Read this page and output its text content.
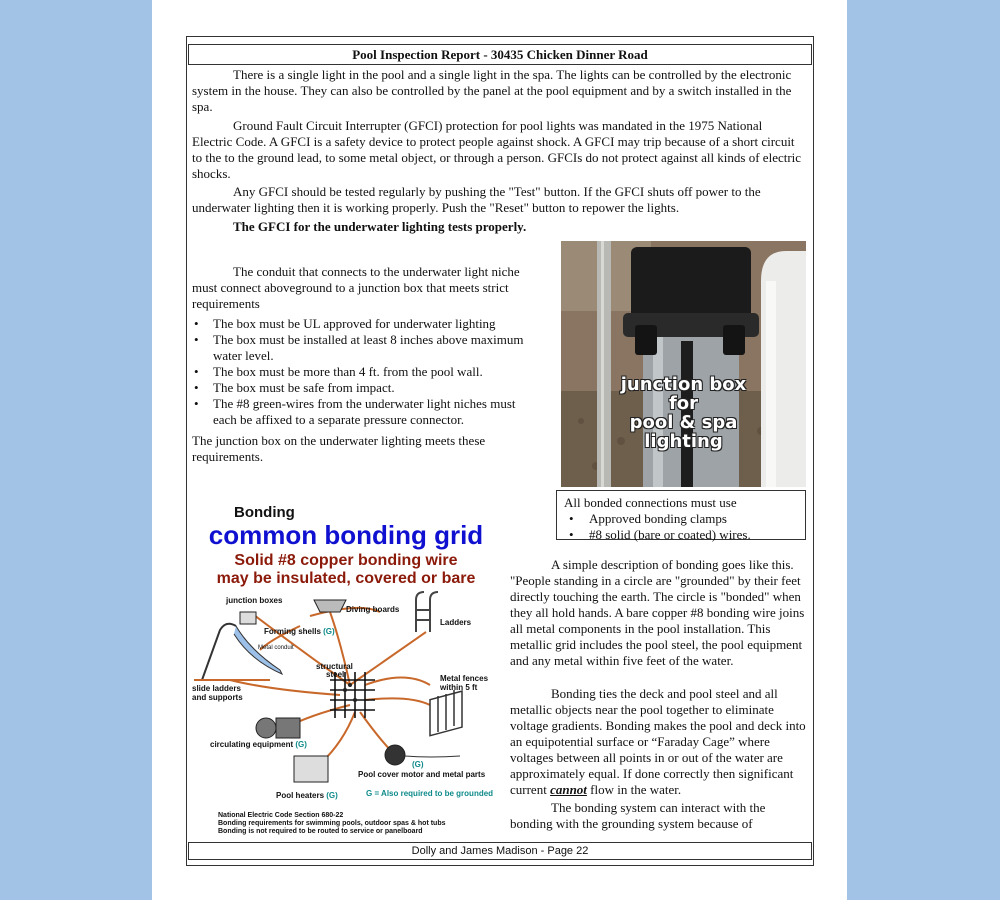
Pool Inspection Report - 30435 Chicken Dinner Road

There is a single light in the pool and a single light in the spa. The lights can be controlled by the electronic system in the house. They can also be controlled by the panel at the pool equipment and by a switch installed in the spa.

Ground Fault Circuit Interrupter (GFCI) protection for pool lights was mandated in the 1975 National Electric Code. A GFCI is a safety device to protect people against shock. A GFCI may trip because of a short circuit to the to the ground lead, to some metal object, or through a person. GFCIs do not protect against all kinds of electric shocks.

Any GFCI should be tested regularly by pushing the "Test" button. If the GFCI shuts off power to the underwater lighting then it is working properly. Push the "Reset" button to repower the lights.

The GFCI for the underwater lighting tests properly.

The conduit that connects to the underwater light niche must connect aboveground to a junction box that meets strict requirements

• The box must be UL approved for underwater lighting
• The box must be installed at least 8 inches above maximum water level.
• The box must be more than 4 ft. from the pool wall.
• The box must be safe from impact.
• The #8 green-wires from the underwater light niches must each be affixed to a separate pressure connector.

The junction box on the underwater lighting meets these requirements.

junction box
for
pool & spa
lighting
All bonded connections must use
• Approved bonding clamps
• #8 solid (bare or coated) wires.

A simple description of bonding goes like this. "People standing in a circle are "grounded" by their feet directly touching the earth. The circle is "bonded" when they all hold hands. A bare copper #8 bonding wire joins all metal components in the pool installation. This metallic grid includes the pool steel, the pool equipment and any metal within five feet of the water.

Bonding ties the deck and pool steel and all metallic objects near the pool together to eliminate voltage gradients. Bonding makes the pool and deck into an equipotential surface or “Faraday Cage” where voltages between all points in or out of the water are approximately equal. If done correctly then significant current cannot flow in the water.

The bonding system can interact with the bonding with the grounding system because of

Bonding
common bonding grid
Solid #8 copper bonding wire
may be insulated, covered or bare
junction boxes
Diving boards
Ladders
Forming shells (G)
Metal conduit
structural
steel	Metal fences
within 5 ft
slide ladders
and supports
circulating equipment (G)
(G)
Pool cover motor and metal parts
Pool heaters (G)	G = Also required to be grounded
National Electric Code Section 680-22
Bonding requirements for swimming pools, outdoor spas & hot tubs
Bonding is not required to be routed to service or panelboard
Dolly and James Madison - Page 22
